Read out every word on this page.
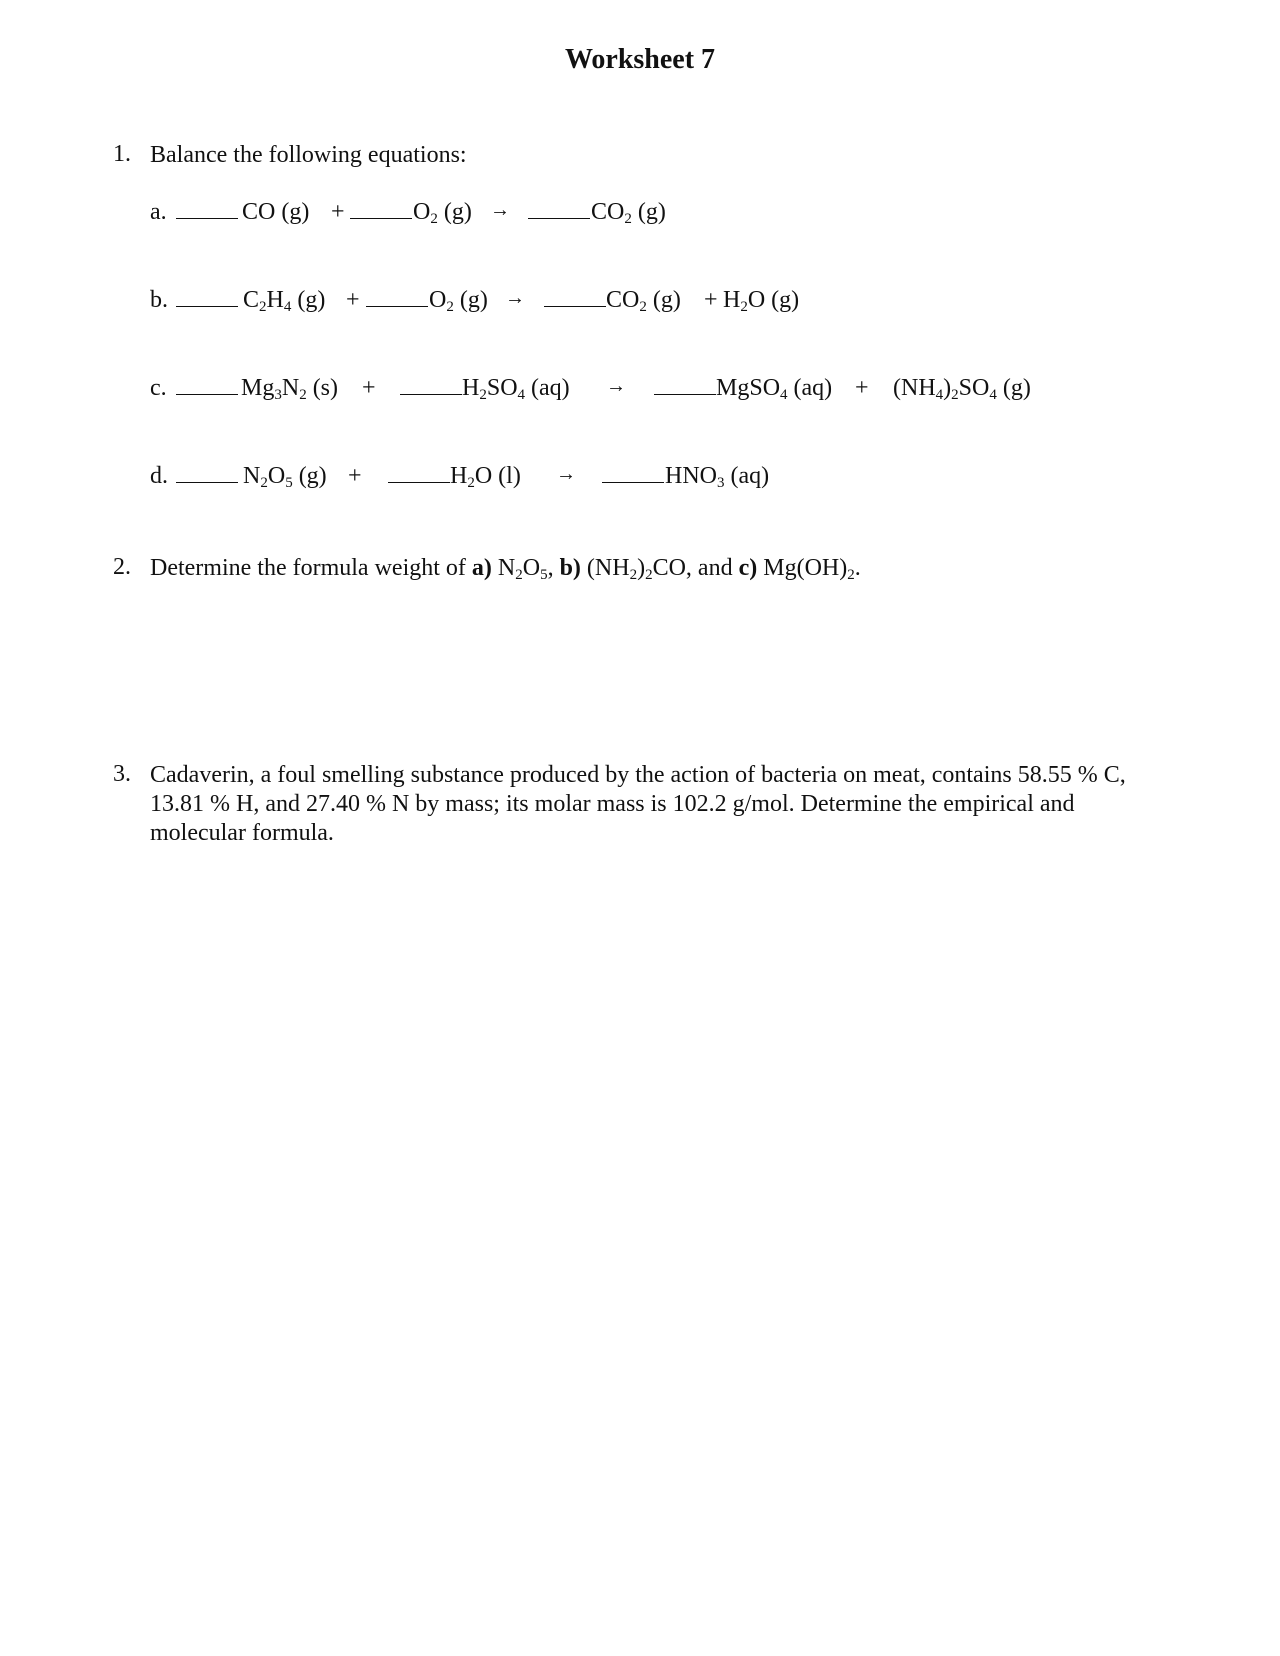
Worksheet 7
1. Balance the following equations:
a.	CO (g) +	$O_2$ (g) →	$CO_2$ (g)
b.	$C_2H_4$ (g) +	$O_2$ (g) →	$CO_2$ $(g) + H_2O$ (g)
c.	$Mg_3N_2$ (s) +	$H_2SO_4$ (aq) →	MgSO$_4$ $(aq) + (NH_4)_2SO_4$ (g)
d.	$N_2O_5$ (g) +	$H_2O$ (l) →	$HNO_3$ (aq)
2. Determine the formula weight of a) $N_2O_5$, b) $(NH_2)_2CO$, and c) $Mg(OH)_2$.
3. Cadaverin, a foul smelling substance produced by the action of bacteria on meat, contains 58.55 % C, 13.81 % H, and 27.40 % N by mass; its molar mass is 102.2 g/mol. Determine the empirical and molecular formula.
